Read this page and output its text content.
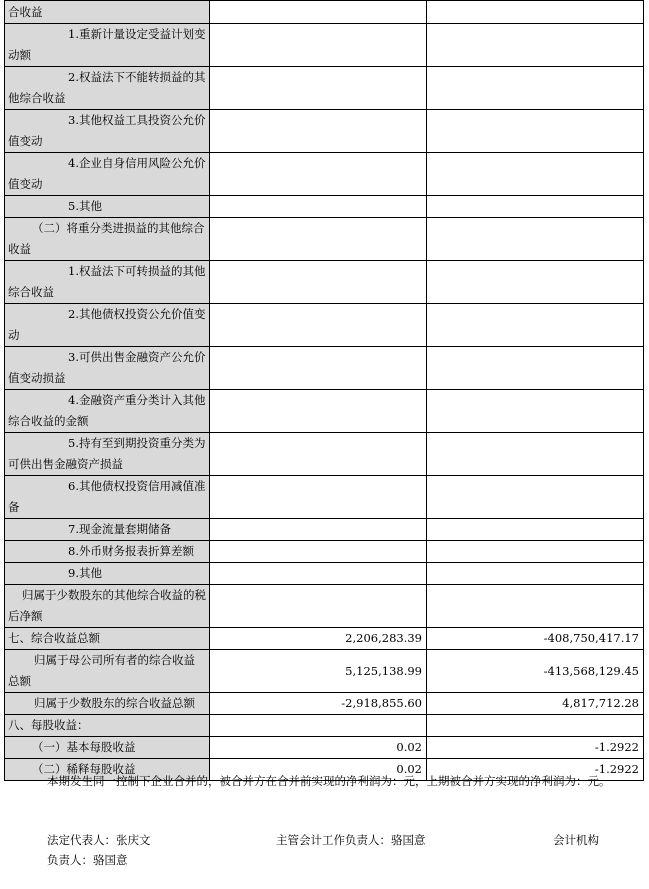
合收益		

1.重新计量设定受益计划变动额		

2.权益法下不能转损益的其他综合收益		

3.其他权益工具投资公允价值变动		

4.企业自身信用风险公允价值变动		

5.其他		

（二）将重分类进损益的其他综合收益		

1.权益法下可转损益的其他综合收益		

2.其他债权投资公允价值变动		

3.可供出售金融资产公允价值变动损益		

4.金融资产重分类计入其他综合收益的金额		

5.持有至到期投资重分类为可供出售金融资产损益		

6.其他债权投资信用减值准备		

7.现金流量套期储备		

8.外币财务报表折算差额		

9.其他		

归属于少数股东的其他综合收益的税后净额		

七、综合收益总额	2,206,283.39	-408,750,417.17

归属于母公司所有者的综合收益总额	5,125,138.99	-413,568,129.45

归属于少数股东的综合收益总额	-2,918,855.60	4,817,712.28

八、每股收益：		

（一）基本每股收益	0.02	-1.2922

（二）稀释每股收益	0.02	-1.2922
本期发生同一控制下企业合并的，被合并方在合并前实现的净利润为：元，上期被合并方实现的净利润为：元。
法定代表人：张庆文	主管会计工作负责人：骆国意	会计机构
负责人：骆国意
